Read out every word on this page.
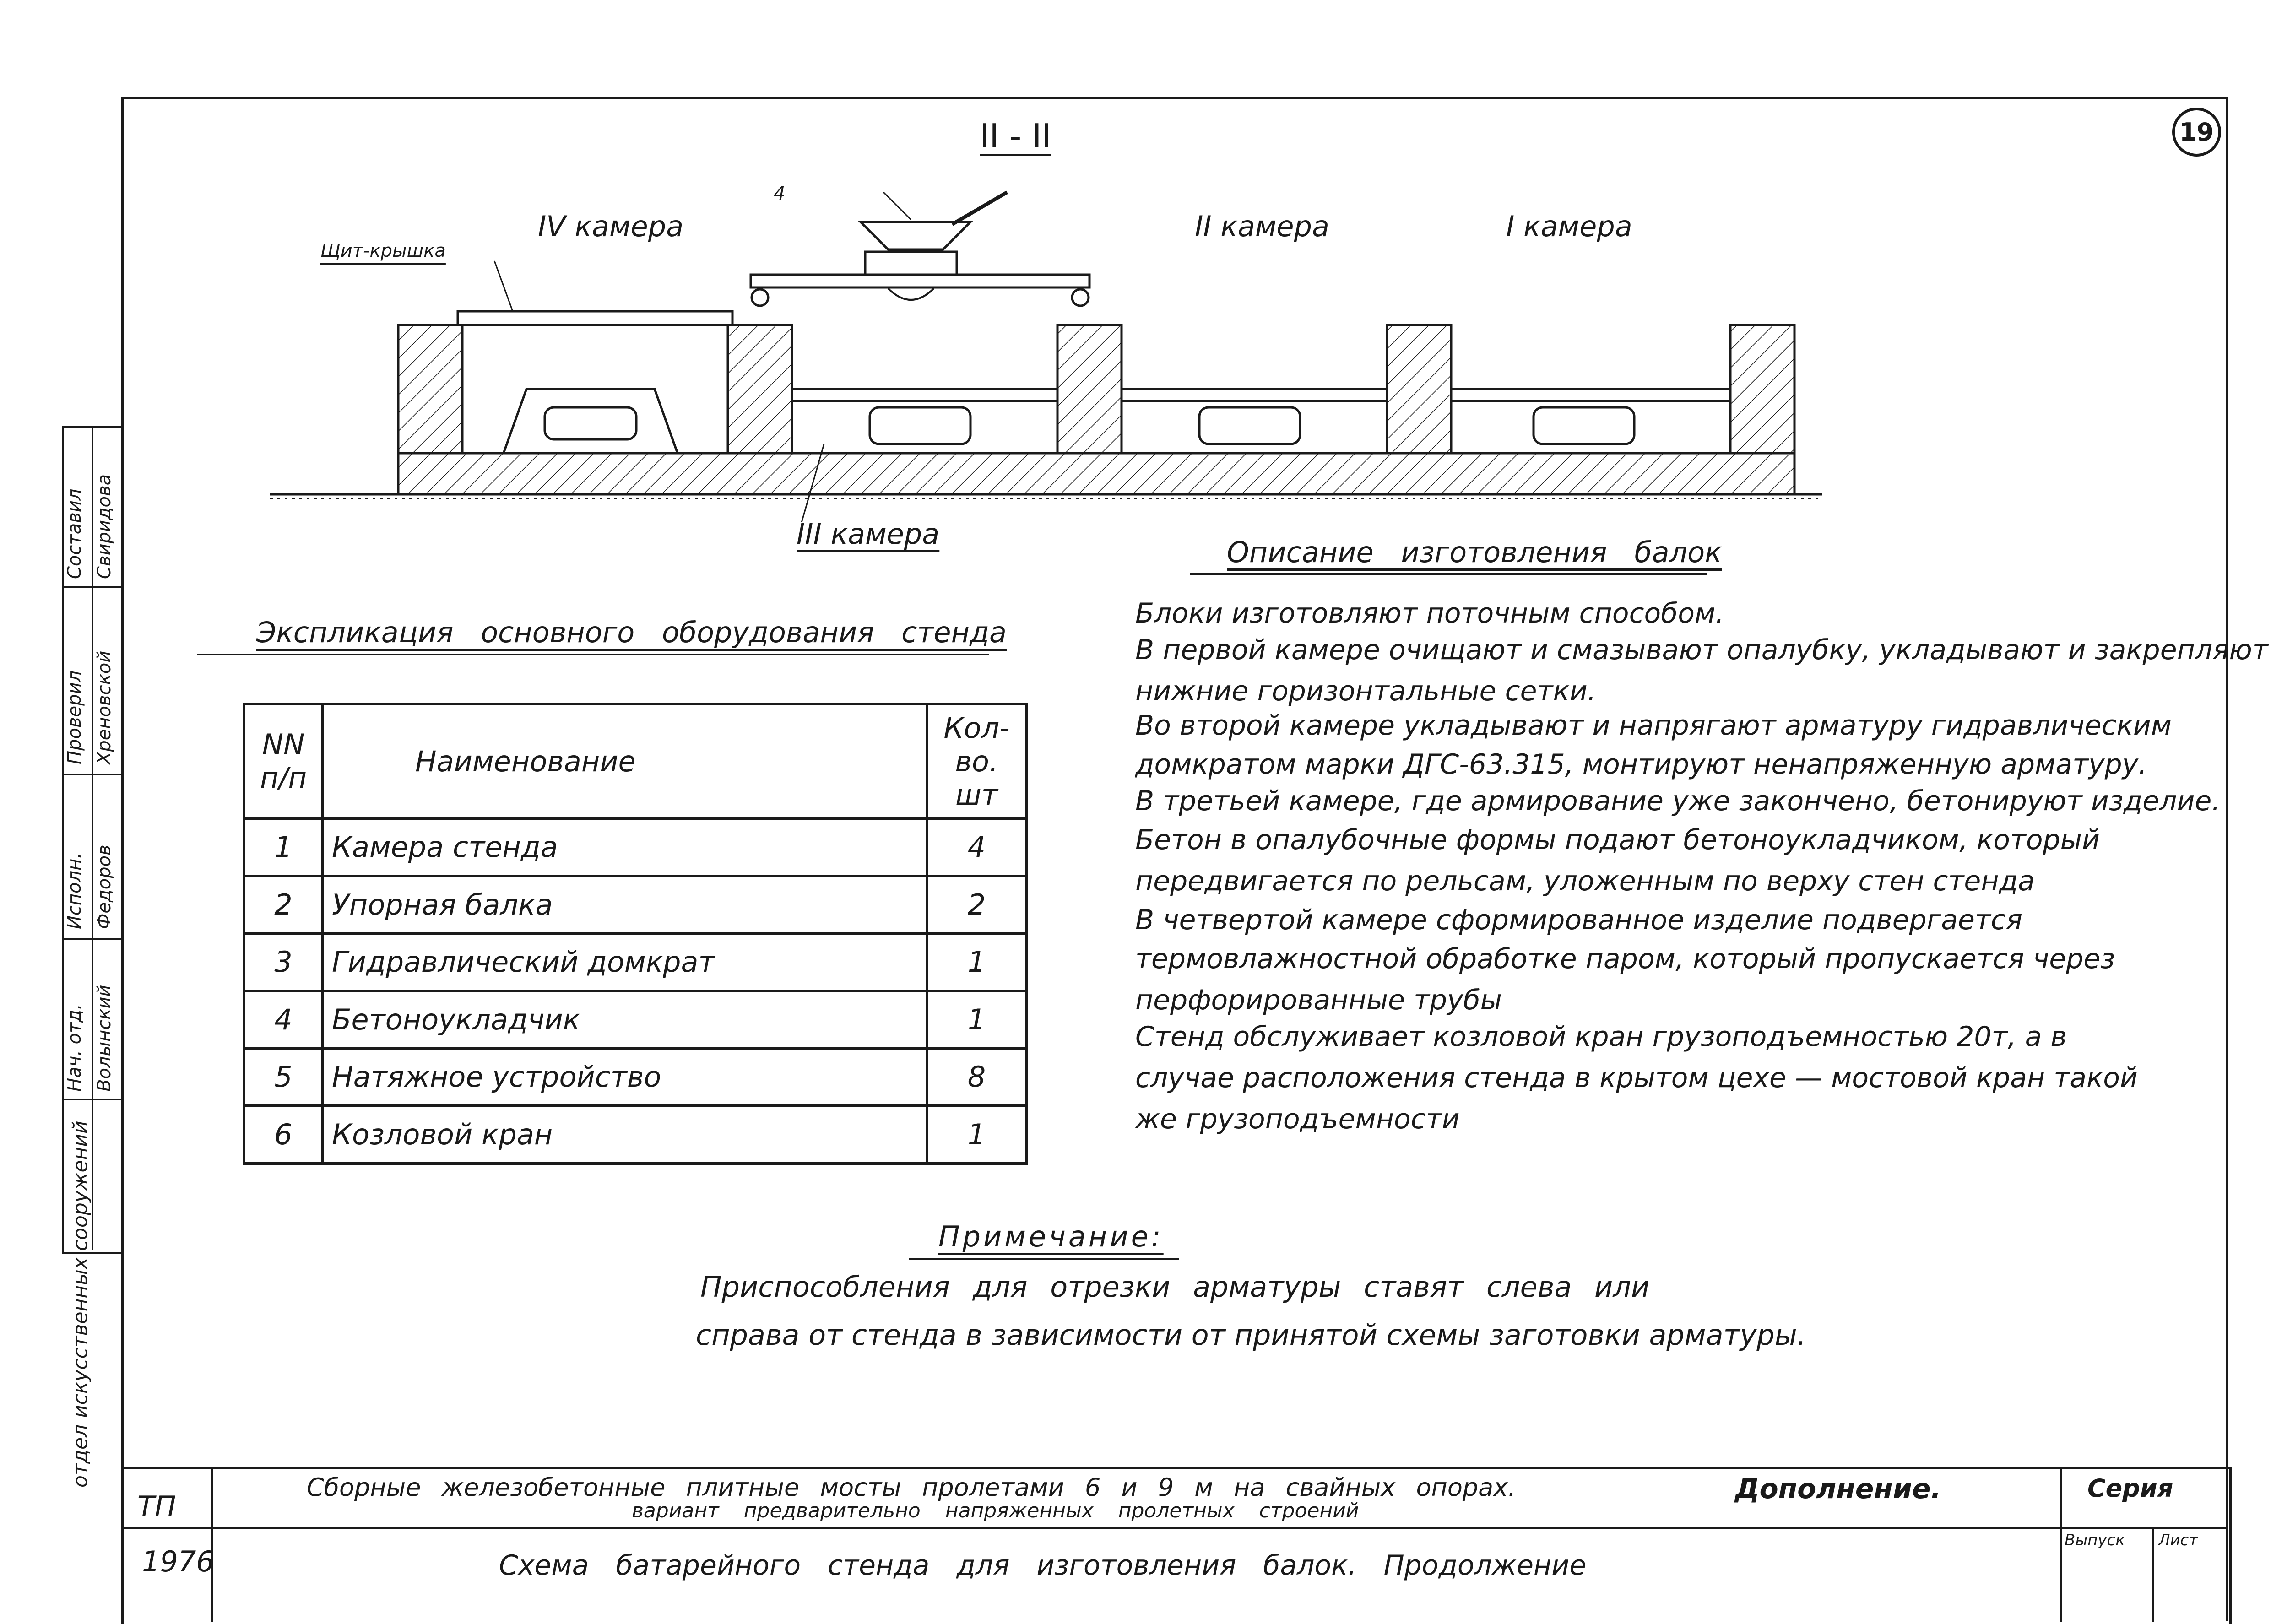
19
II - II
IV камера	II камера	I камера
Щит-крышка
4
III камера
Экспликация основного оборудования стенда
NN п/п	Наименование	Кол-во. шт
1	Камера стенда	4
2	Упорная балка	2
3	Гидравлический домкрат	1
4	Бетоноукладчик	1
5	Натяжное устройство	8
6	Козловой кран	1
Описание изготовления балок
Блоки изготовляют поточным способом.
В первой камере очищают и смазывают опалубку, укладывают и закрепляют
нижние горизонтальные сетки.
Во второй камере укладывают и напрягают арматуру гидравлическим
домкратом марки ДГС-63.315, монтируют ненапряженную арматуру.
В третьей камере, где армирование уже закончено, бетонируют изделие.
Бетон в опалубочные формы подают бетоноукладчиком, который
передвигается по рельсам, уложенным по верху стен стенда
В четвертой камере сформированное изделие подвергается
термовлажностной обработке паром, который пропускается через
перфорированные трубы
Стенд обслуживает козловой кран грузоподъемностью 20т, а в
случае расположения стенда в крытом цехе — мостовой кран такой
же грузоподъемности
Примечание:
Приспособления для отрезки арматуры ставят слева или
справа от стенда в зависимости от принятой схемы заготовки арматуры.
ТП
1976
Сборные железобетонные плитные мосты пролетами 6 и 9 м на свайных опорах.
вариант предварительно напряженных пролетных строений
Дополнение.	Серия
Выпуск Лист
Схема батарейного стенда для изготовления балок. Продолжение
Составил Свиридова
Проверил Хреновской
Исполн. Федоров
Нач. отд. Волынский
отдел искусственных сооружений
